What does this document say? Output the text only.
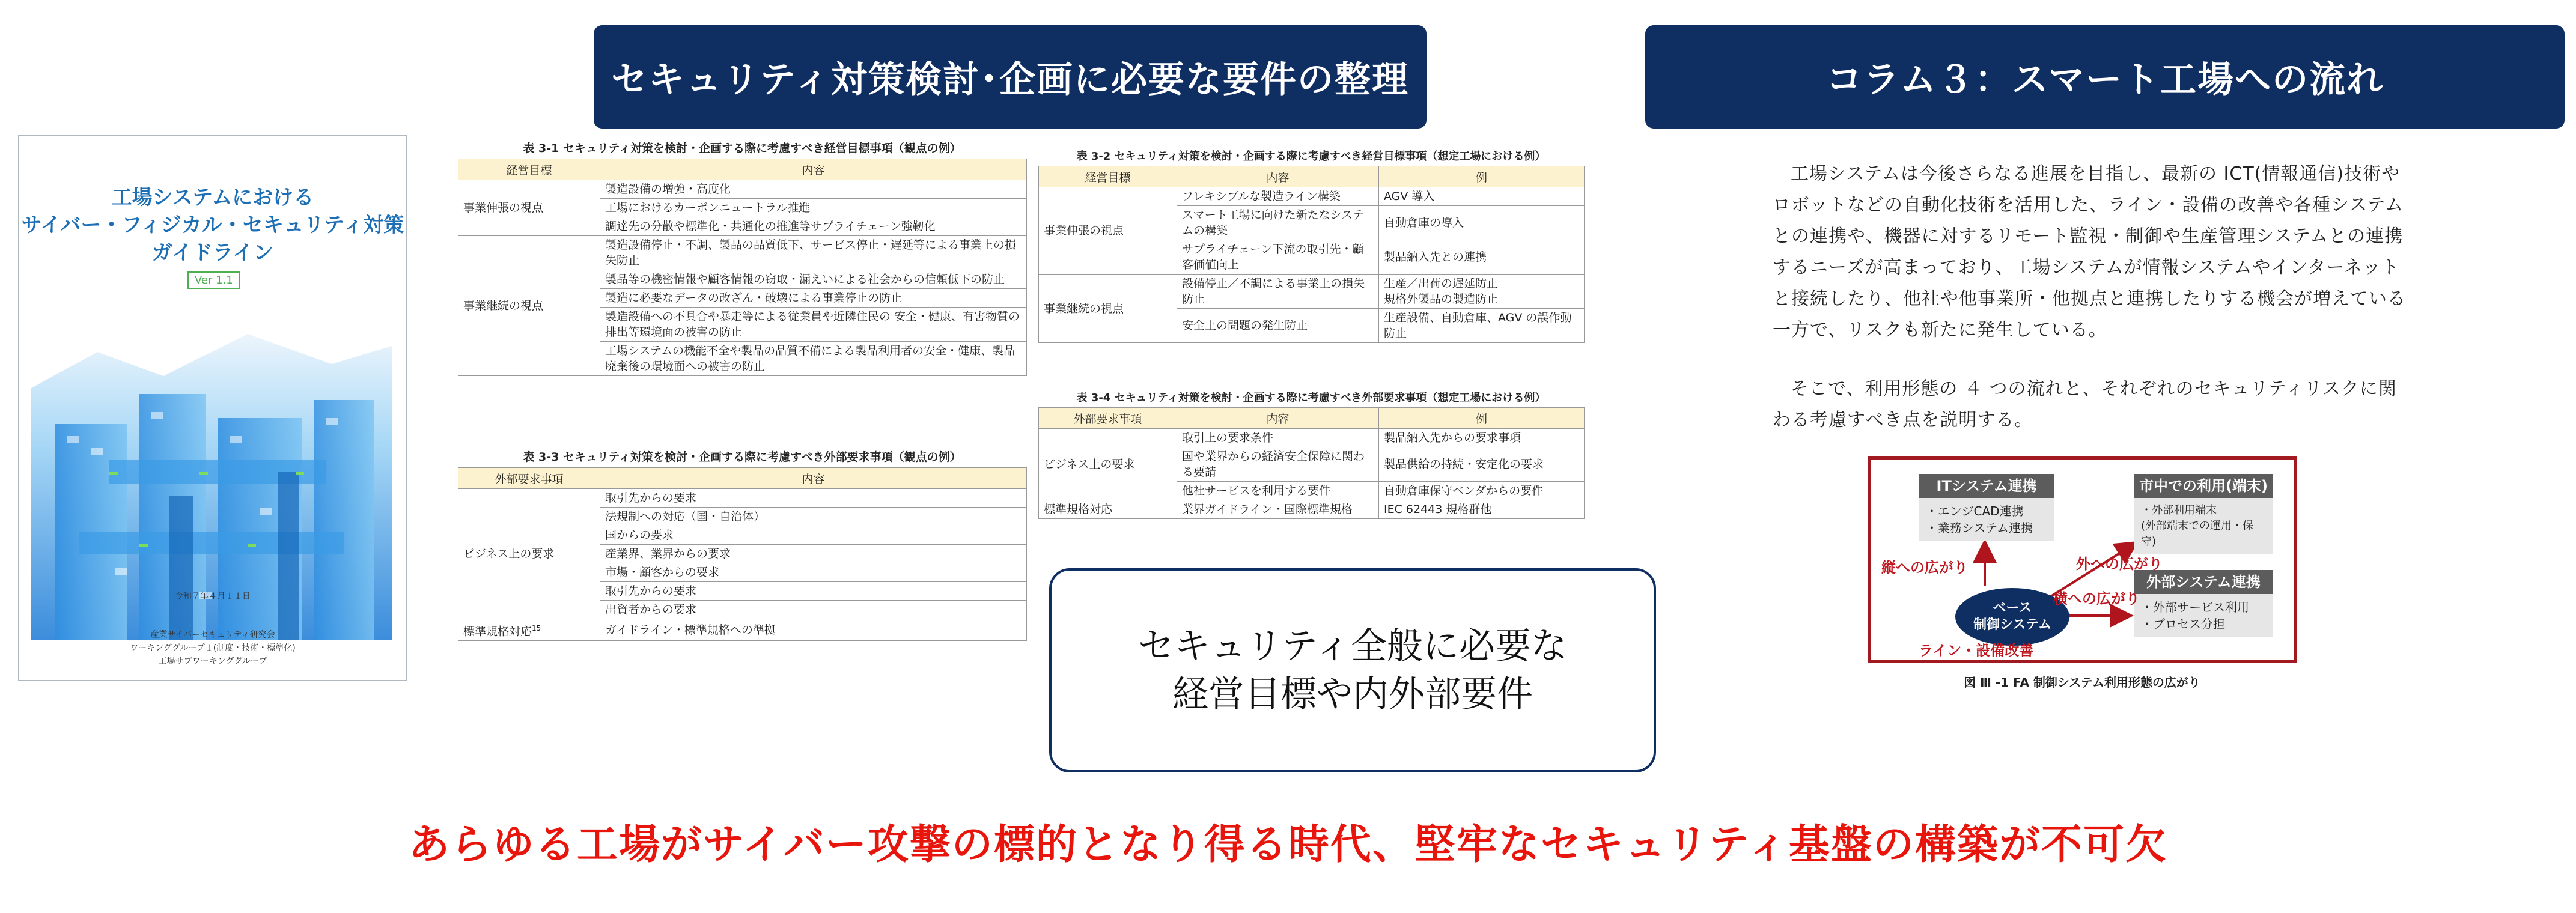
セキュリティ対策検討･企画に必要な要件の整理	コラム３：スマート工場への流れ
工場システムにおける
サイバー・フィジカル・セキュリティ対策
ガイドライン
Ver 1.1
令和７年４月１１日
産業サイバーセキュリティ研究会
ワーキンググループ１(制度・技術・標準化)
工場サブワーキンググループ
表 3-1 セキュリティ対策を検討・企画する際に考慮すべき経営目標事項（観点の例）
経営目標	内容
事業伸張の視点	製造設備の増強・高度化
	工場におけるカーボンニュートラル推進
	調達先の分散や標準化・共通化の推進等サプライチェーン強靭化
事業継続の視点	製造設備停止・不調、製品の品質低下、サービス停止・遅延等による事業上の損失防止
	製品等の機密情報や顧客情報の窃取・漏えいによる社会からの信頼低下の防止
	製造に必要なデータの改ざん・破壊による事業停止の防止
	製造設備への不具合や暴走等による従業員や近隣住民の 安全・健康、有害物質の排出等環境面の被害の防止
	工場システムの機能不全や製品の品質不備による製品利用者の安全・健康、製品廃棄後の環境面への被害の防止
表 3-3 セキュリティ対策を検討・企画する際に考慮すべき外部要求事項（観点の例）
外部要求事項	内容
ビジネス上の要求	取引先からの要求
	法規制への対応（国・自治体）
	国からの要求
	産業界、業界からの要求
	市場・顧客からの要求
	取引先からの要求
	出資者からの要求
標準規格対応$^{15}$	ガイドライン・標準規格への準拠
表 3-2 セキュリティ対策を検討・企画する際に考慮すべき経営目標事項（想定工場における例）
経営目標	内容	例
事業伸張の視点	フレキシブルな製造ライン構築	AGV 導入
	スマート工場に向けた新たなシステムの構築	自動倉庫の導入
	サプライチェーン下流の取引先・顧客価値向上	製品納入先との連携
事業継続の視点	設備停止／不調による事業上の損失防止	生産／出荷の遅延防止
規格外製品の製造防止
	安全上の問題の発生防止	生産設備、自動倉庫、AGV の誤作動防止
表 3-4 セキュリティ対策を検討・企画する際に考慮すべき外部要求事項（想定工場における例）
外部要求事項	内容	例
ビジネス上の要求	取引上の要求条件	製品納入先からの要求事項
	国や業界からの経済安全保障に関わる要請	製品供給の持続・安定化の要求
	他社サービスを利用する要件	自動倉庫保守ベンダからの要件
標準規格対応	業界ガイドライン・国際標準規格	IEC 62443 規格群他
セキュリティ全般に必要な
経営目標や内外部要件
工場システムは今後さらなる進展を目指し、最新の ICT(情報通信)技術やロボットなどの自動化技術を活用した、ライン・設備の改善や各種システムとの連携や、機器に対するリモート監視・制御や生産管理システムとの連携するニーズが高まっており、工場システムが情報システムやインターネットと接続したり、他社や他事業所・他拠点と連携したりする機会が増えている一方で、リスクも新たに発生している。
そこで、利用形態の ４ つの流れと、それぞれのセキュリティリスクに関わる考慮すべき点を説明する。
ITシステム連携
・エンジCAD連携
・業務システム連携
市中での利用(端末)
・外部利用端末
(外部端末での運用・保守)
外部システム連携
・外部サービス利用
・プロセス分担
ベース
制御システム
縦への広がり	外への広がり
横への広がり
ライン・設備改善
図 Ⅲ -1 FA 制御システム利用形態の広がり
あらゆる工場がサイバー攻撃の標的となり得る時代、堅牢なセキュリティ基盤の構築が不可欠
